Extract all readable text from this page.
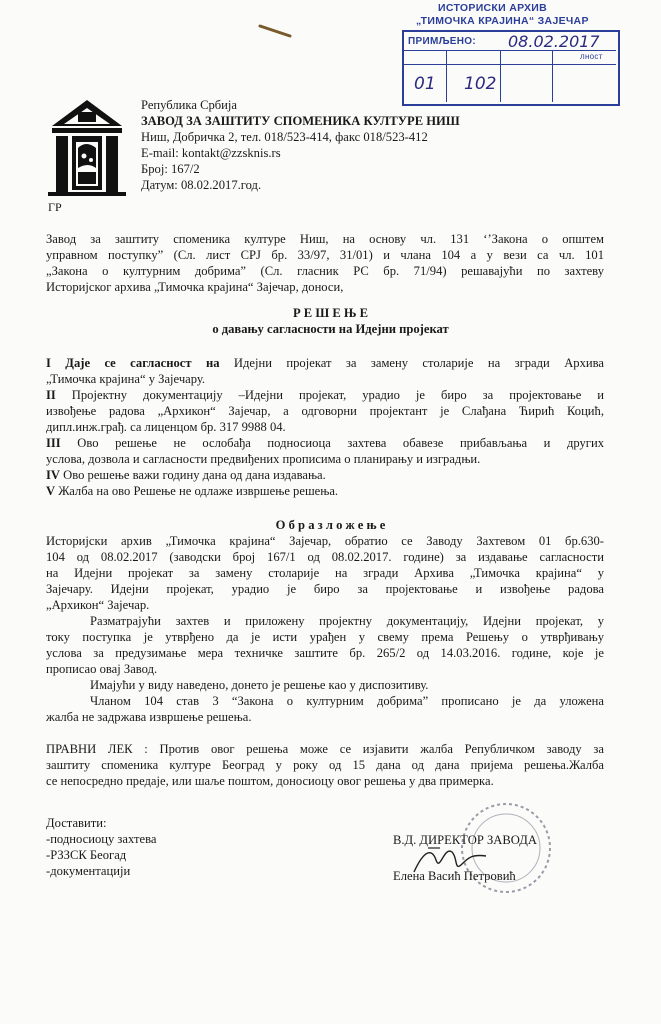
ИСТОРИСКИ АРХИВ
„ТИМОЧКА КРАЈИНА“ ЗАЈЕЧАР
ПРИМЉЕНО: 08.02.2017
лност
01 102
ГР
Република Србија
ЗАВОД ЗА ЗАШТИТУ СПОМЕНИКА КУЛТУРЕ НИШ
Ниш, Добричка 2, тел. 018/523-414, факс 018/523-412
E-mail: kontakt@zzsknis.rs
Број: 167/2
Датум: 08.02.2017.год.
Завод за заштиту споменика културе Ниш, на основу чл. 131 ‘’Закона о општем
управном поступку” (Сл. лист СРЈ бр. 33/97, 31/01) и члана 104 а у вези са чл. 101
„Закона о културним добрима” (Сл. гласник РС бр. 71/94) решавајући по захтеву
Историјског архива „Тимочка крајина“ Зајечар, доноси,
Р Е Ш Е Њ Е
о давању сагласности на Идејни пројекат
I Даје се сагласност на Идејни пројекат за замену столарије на згради Архива
„Тимочка крајина“ у Зајечару.
II Пројектну документацију –Идејни пројекат, урадио је биро за пројектовање и
извођење радова „Архикон“ Зајечар, а одговорни пројектант је Слађана Ћирић Коцић,
дипл.инж.грађ. са лиценцом бр. 317 9988 04.
III Ово решење не ослобађа подносиоца захтева обавезе прибављања и других
услова, дозвола и сагласности предвиђених прописима о планирању и изградњи.
IV Ово решење важи годину дана од дана издавања.
V Жалба на ово Решење не одлаже извршење решења.
О б р а з л о ж е њ е
Историјски архив „Тимочка крајина“ Зајечар, обратио се Заводу Захтевом 01 бр.630-
104 од 08.02.2017 (заводски број 167/1 од 08.02.2017. године) за издавање сагласности
на Идејни пројекат за замену столарије на згради Архива „Тимочка крајина“ у
Зајечару. Идејни пројекат, урадио је биро за пројектовање и извођење радова
„Архикон“ Зајечар.
Разматрајући захтев и приложену пројектну документацију, Идејни пројекат, у
току поступка је утврђено да је исти урађен у свему према Решењу о утврђивању
услова за предузимање мера техничке заштите бр. 265/2 од 14.03.2016. године, које је
прописао овај Завод.
Имајући у виду наведено, донето је решење као у диспозитиву.
Чланом 104 став 3 “Закона о културним добрима” прописано је да уложена
жалба не задржава извршење решења.
ПРАВНИ ЛЕК : Против овог решења може се изјавити жалба Републичком заводу за
заштиту споменика културе Београд у року од 15 дана од дана пријема решења.Жалба
се непосредно предаје, или шаље поштом, доносиоцу овог решења у два примерка.
Доставити:
-подносиоцу захтева
-РЗЗСК Беогад
-документацији
В.Д. ДИРЕКТОР ЗАВОДА
Елена Васић Петровић
